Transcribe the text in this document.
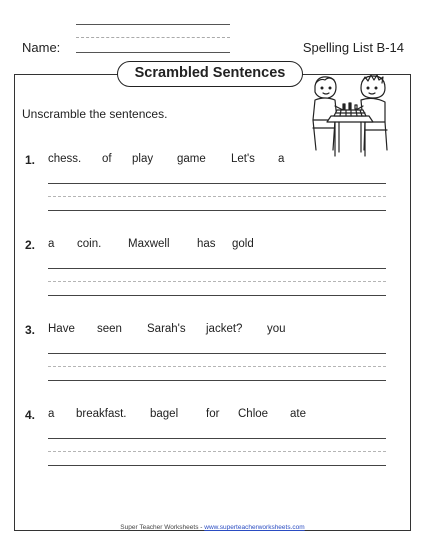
Name:	Spelling List B-14
Scrambled Sentences
Unscramble the sentences.
1. chess. of play game Let's a
2. a coin. Maxwell has gold
3. Have seen Sarah's jacket? you
4. a breakfast. bagel for Chloe ate
Super Teacher Worksheets - www.superteacherworksheets.com
